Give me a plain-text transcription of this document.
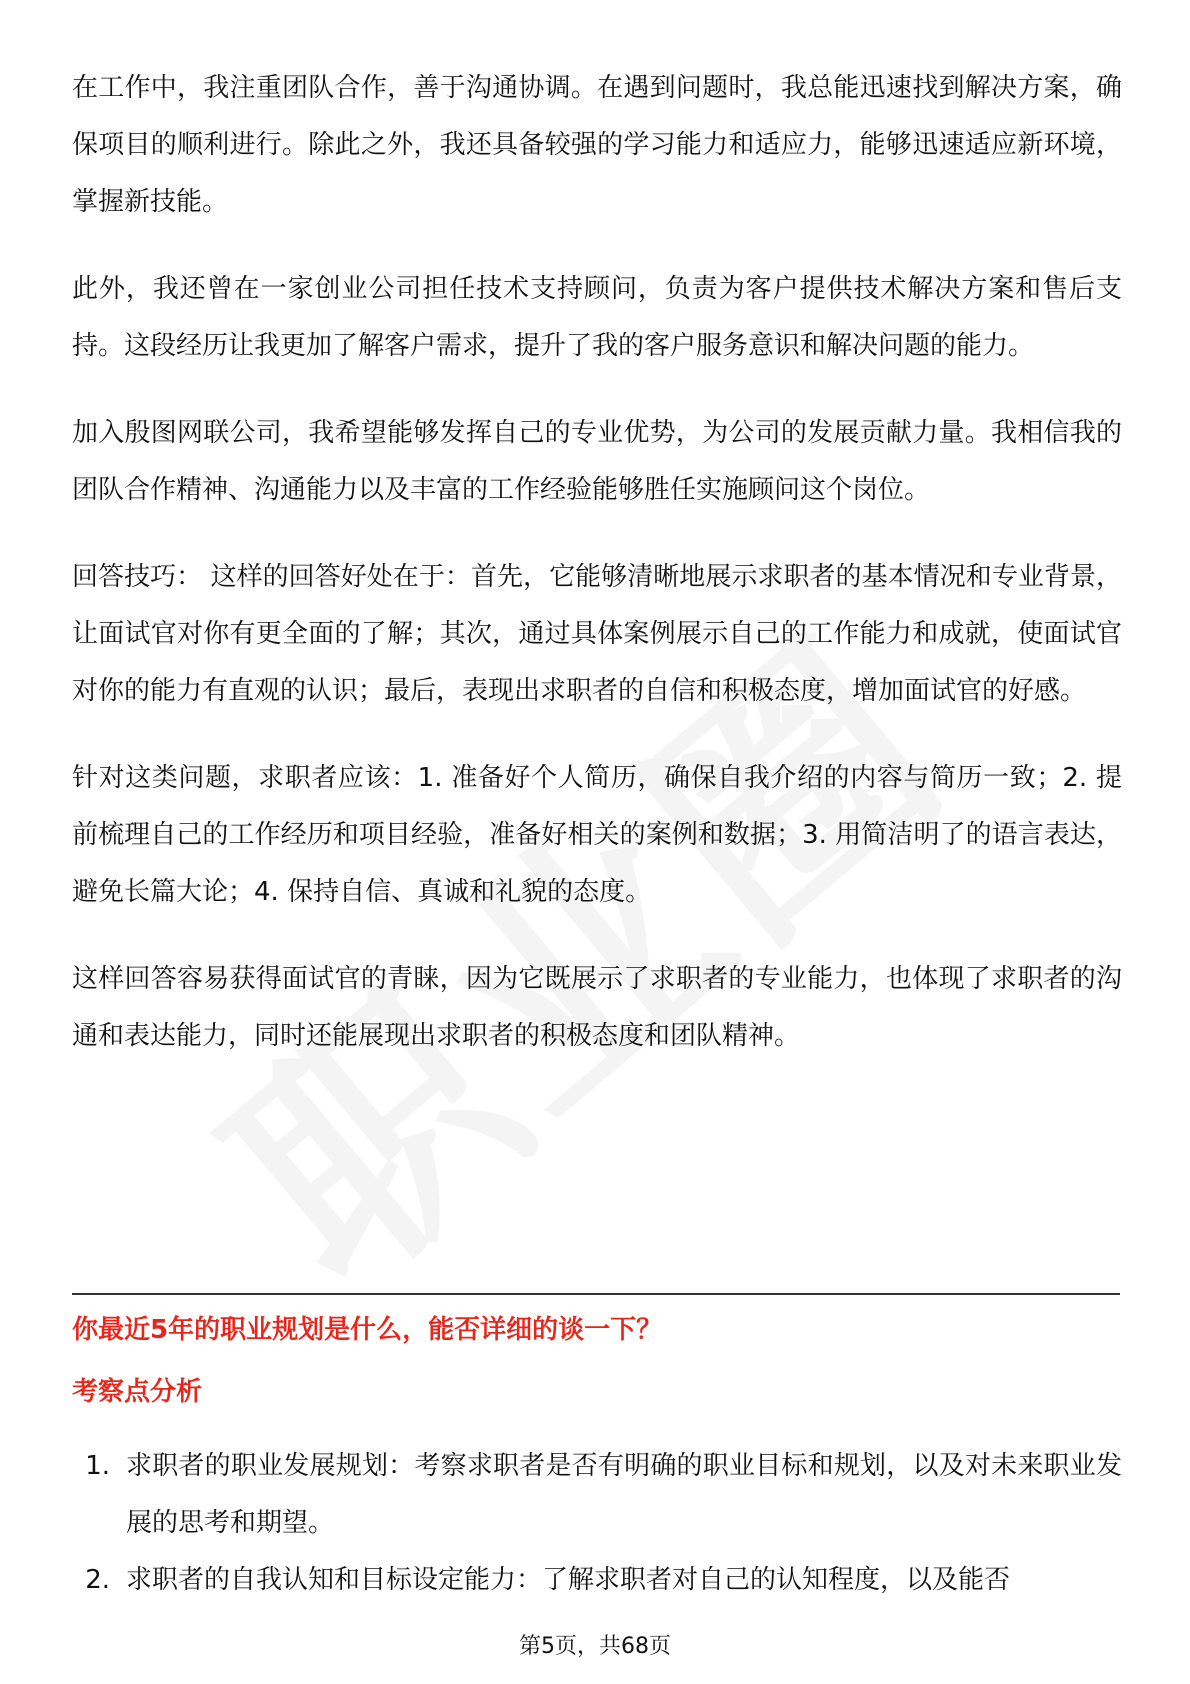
在工作中，我注重团队合作，善于沟通协调。在遇到问题时，我总能迅速找到解决方案，确保项目的顺利进行。除此之外，我还具备较强的学习能力和适应力，能够迅速适应新环境，掌握新技能。

此外，我还曾在一家创业公司担任技术支持顾问，负责为客户提供技术解决方案和售后支持。这段经历让我更加了解客户需求，提升了我的客户服务意识和解决问题的能力。

加入殷图网联公司，我希望能够发挥自己的专业优势，为公司的发展贡献力量。我相信我的团队合作精神、沟通能力以及丰富的工作经验能够胜任实施顾问这个岗位。

回答技巧： 这样的回答好处在于：首先，它能够清晰地展示求职者的基本情况和专业背景，让面试官对你有更全面的了解；其次，通过具体案例展示自己的工作能力和成就，使面试官对你的能力有直观的认识；最后，表现出求职者的自信和积极态度，增加面试官的好感。

针对这类问题，求职者应该：1. 准备好个人简历，确保自我介绍的内容与简历一致；2. 提前梳理自己的工作经历和项目经验，准备好相关的案例和数据；3. 用简洁明了的语言表达，避免长篇大论；4. 保持自信、真诚和礼貌的态度。

这样回答容易获得面试官的青睐，因为它既展示了求职者的专业能力，也体现了求职者的沟通和表达能力，同时还能展现出求职者的积极态度和团队精神。

你最近5年的职业规划是什么，能否详细的谈一下？
考察点分析
1. 求职者的职业发展规划：考察求职者是否有明确的职业目标和规划，以及对未来职业发展的思考和期望。
2. 求职者的自我认知和目标设定能力：了解求职者对自己的认知程度，以及能否
第5页，共68页
